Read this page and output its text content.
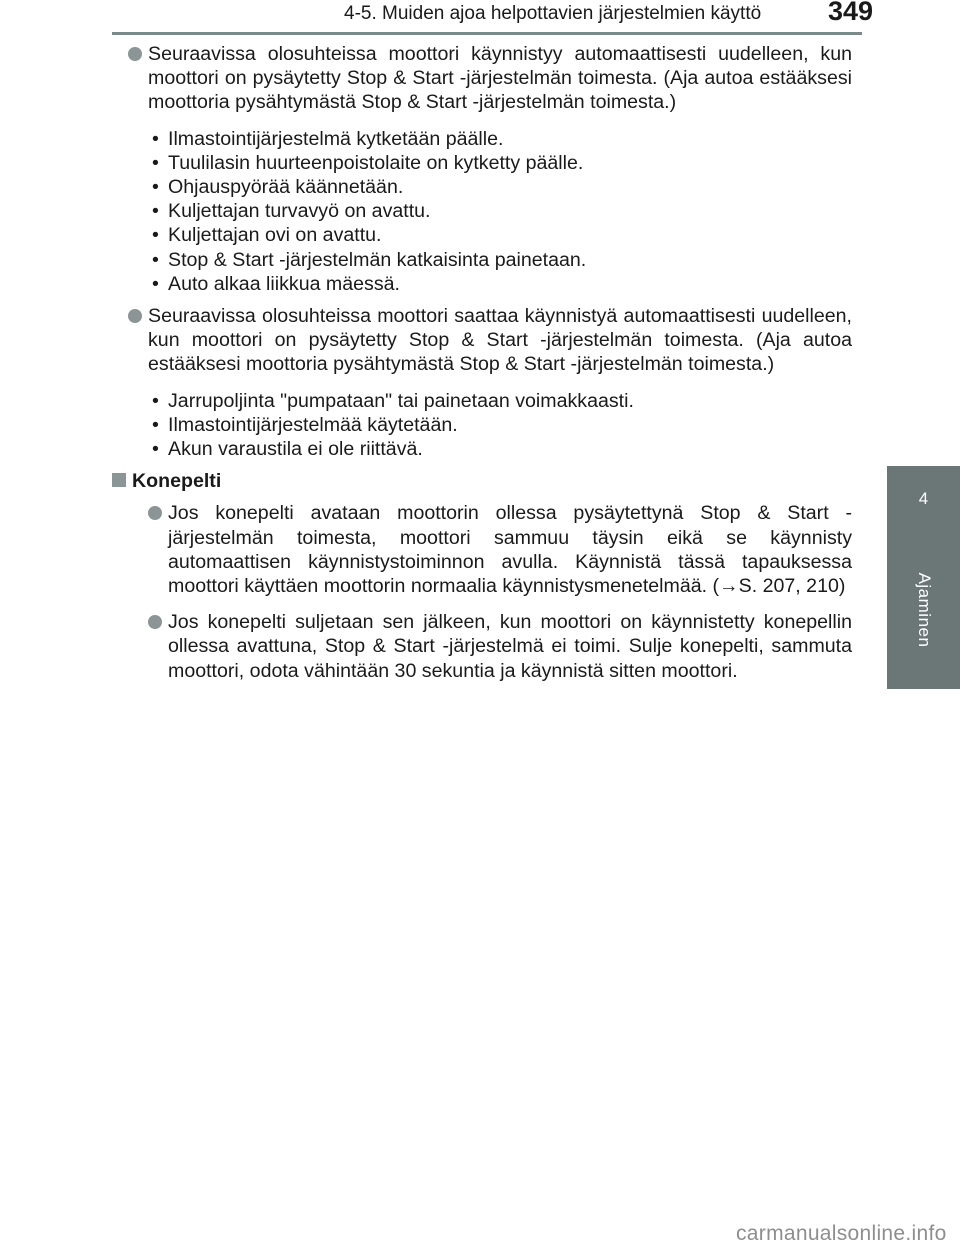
4-5. Muiden ajoa helpottavien järjestelmien käyttö 349
4
Ajaminen
Seuraavissa olosuhteissa moottori käynnistyy automaattisesti uudelleen, kun moottori on pysäytetty Stop & Start -järjestelmän toimesta. (Aja autoa estääksesi moottoria pysähtymästä Stop & Start -järjestelmän toimesta.)
• Ilmastointijärjestelmä kytketään päälle.
• Tuulilasin huurteenpoistolaite on kytketty päälle.
• Ohjauspyörää käännetään.
• Kuljettajan turvavyö on avattu.
• Kuljettajan ovi on avattu.
• Stop & Start -järjestelmän katkaisinta painetaan.
• Auto alkaa liikkua mäessä.
Seuraavissa olosuhteissa moottori saattaa käynnistyä automaattisesti uudelleen, kun moottori on pysäytetty Stop & Start -järjestelmän toimesta. (Aja autoa estääksesi moottoria pysähtymästä Stop & Start -järjestelmän toimesta.)
• Jarrupoljinta "pumpataan" tai painetaan voimakkaasti.
• Ilmastointijärjestelmää käytetään.
• Akun varaustila ei ole riittävä.
Konepelti
Jos konepelti avataan moottorin ollessa pysäytettynä Stop & Start -järjestelmän toimesta, moottori sammuu täysin eikä se käynnisty automaattisen käynnistystoiminnon avulla. Käynnistä tässä tapauksessa moottori käyttäen moottorin normaalia käynnistysmenetelmää. (→S. 207, 210)
Jos konepelti suljetaan sen jälkeen, kun moottori on käynnistetty konepellin ollessa avattuna, Stop & Start -järjestelmä ei toimi. Sulje konepelti, sammuta moottori, odota vähintään 30 sekuntia ja käynnistä sitten moottori.
carmanualsonline.info
